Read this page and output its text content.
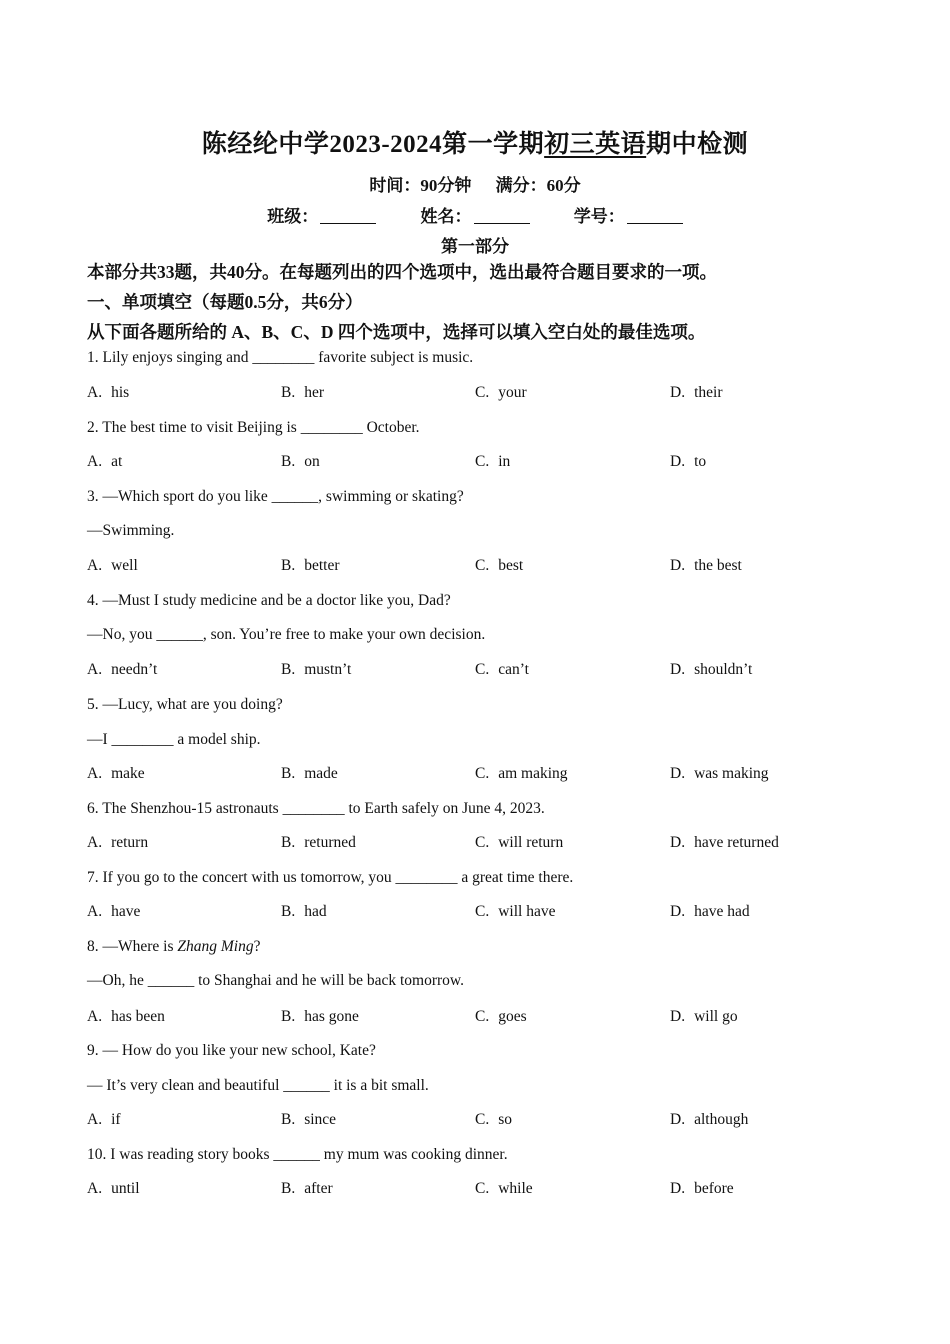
陈经纶中学2023-2024第一学期初三英语期中检测
时间：90分钟 满分：60分
班级：	姓名：	学号：
第一部分
本部分共33题，共40分。在每题列出的四个选项中，选出最符合题目要求的一项。
一、单项填空（每题0.5分，共6分）
从下面各题所给的 A、B、C、D 四个选项中，选择可以填入空白处的最佳选项。
1. Lily enjoys singing and ________ favorite subject is music.
A. his	B. her	C. your	D. their
2. The best time to visit Beijing is ________ October.
A. at	B. on	C. in	D. to
3. —Which sport do you like ______, swimming or skating?
—Swimming.
A. well	B. better	C. best	D. the best
4. —Must I study medicine and be a doctor like you, Dad?
—No, you ______, son. You’re free to make your own decision.
A. needn’t	B. mustn’t	C. can’t	D. shouldn’t
5. —Lucy, what are you doing?
—I ________ a model ship.
A. make	B. made	C. am making	D. was making
6. The Shenzhou-15 astronauts ________ to Earth safely on June 4, 2023.
A. return	B. returned	C. will return	D. have returned
7. If you go to the concert with us tomorrow, you ________ a great time there.
A. have	B. had	C. will have	D. have had
8. —Where is Zhang Ming?
—Oh, he ______ to Shanghai and he will be back tomorrow.
A. has been	B. has gone	C. goes	D. will go
9. — How do you like your new school, Kate?
— It’s very clean and beautiful ______ it is a bit small.
A. if	B. since	C. so	D. although
10. I was reading story books ______ my mum was cooking dinner.
A. until	B. after	C. while	D. before
